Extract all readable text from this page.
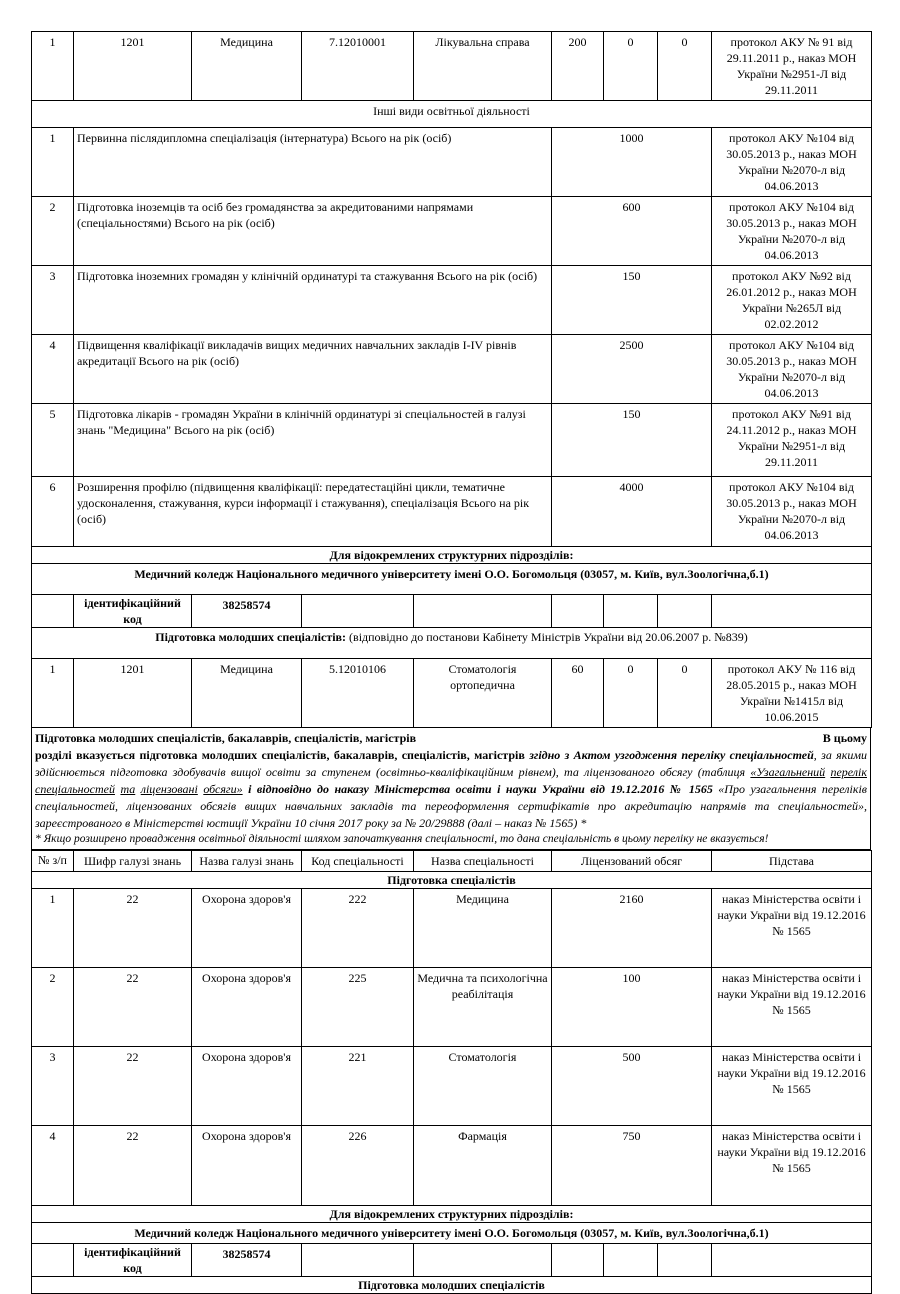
1	1201	Медицина	7.12010001	Лікувальна справа	200	0	0	протокол АКУ № 91 від 29.11.2011 р., наказ МОН України №2951-Л від 29.11.2011
Інші види освітньої діяльності								
1	Первинна післядипломна спеціалізація (інтернатура) Всього на рік (осіб)				1000			протокол АКУ №104 від 30.05.2013 р., наказ МОН України №2070-л від 04.06.2013
2	Підготовка іноземців та осіб без громадянства за акредитованими напрямами (спеціальностями) Всього на рік (осіб)				600			протокол АКУ №104 від 30.05.2013 р., наказ МОН України №2070-л від 04.06.2013
3	Підготовка іноземних громадян у клінічній ординатурі та стажування Всього на рік (осіб)				150			протокол АКУ №92 від 26.01.2012 р., наказ МОН України №265Л від 02.02.2012
4	Підвищення кваліфікації викладачів вищих медичних навчальних закладів I-IV рівнів акредитації Всього на рік (осіб)				2500			протокол АКУ №104 від 30.05.2013 р., наказ МОН України №2070-л від 04.06.2013
5	Підготовка лікарів - громадян України в клінічній ординатурі зі спеціальностей в галузі знань "Медицина" Всього на рік (осіб)				150			протокол АКУ №91 від 24.11.2012 р., наказ МОН України №2951-л від 29.11.2011
6	Розширення профілю (підвищення кваліфікації: передатестаційні цикли, тематичне удосконалення, стажування, курси інформації і стажування), спеціалізація Всього на рік (осіб)				4000			протокол АКУ №104 від 30.05.2013 р., наказ МОН України №2070-л від 04.06.2013
Для відокремлених структурних підрозділів:								
Медичний коледж Національного медичного університету імені О.О. Богомольця (03057, м. Київ, вул.Зоологічна,б.1)								
	ідентифікаційний код	38258574						
Підготовка молодших спеціалістів: (відповідно до постанови Кабінету Міністрів України від 20.06.2007 р. №839)								
1	1201	Медицина	5.12010106	Стоматологія ортопедична	60	0	0	протокол АКУ № 116 від 28.05.2015 р., наказ МОН України №1415л від 10.06.2015
В цьому
Підготовка молодших спеціалістів, бакалаврів, спеціалістів, магістрів
розділі вказується підготовка молодших спеціалістів, бакалаврів, спеціалістів, магістрів згідно з Актом узгодження переліку спеціальностей, за якими здійснюється підготовка здобувачів вищої освіти за ступенем (освітньо-кваліфікаційним рівнем), та ліцензованого обсягу (таблиця «Узагальнений перелік спеціальностей та ліцензовані обсяги» і відповідно до наказу Міністерства освіти і науки України від 19.12.2016 № 1565 «Про узагальнення переліків спеціальностей, ліцензованих обсягів вищих навчальних закладів та переоформлення сертифікатів про акредитацію напрямів та спеціальностей», зареєстрованого в Міністерстві юстиції України 10 січня 2017 року за № 20/29888 (далі – наказ № 1565) *
* Якщо розширено провадження освітньої діяльності шляхом започаткування спеціальності, то дана спеціальність в цьому переліку не вказується!
№ з/п	Шифр галузі знань	Назва галузі знань	Код спеціальності	Назва спеціальності	Ліцензований обсяг			Підстава
Підготовка спеціалістів								
1	22	Охорона здоров'я	222	Медицина	2160			наказ Міністерства освіти і науки України від 19.12.2016 № 1565
2	22	Охорона здоров'я	225	Медична та психологічна реабілітація	100			наказ Міністерства освіти і науки України від 19.12.2016 № 1565
3	22	Охорона здоров'я	221	Стоматологія	500			наказ Міністерства освіти і науки України від 19.12.2016 № 1565
4	22	Охорона здоров'я	226	Фармація	750			наказ Міністерства освіти і науки України від 19.12.2016 № 1565
Для відокремлених структурних підрозділів:								
Медичний коледж Національного медичного університету імені О.О. Богомольця (03057, м. Київ, вул.Зоологічна,б.1)								
	ідентифікаційний код	38258574						
Підготовка молодших спеціалістів								
